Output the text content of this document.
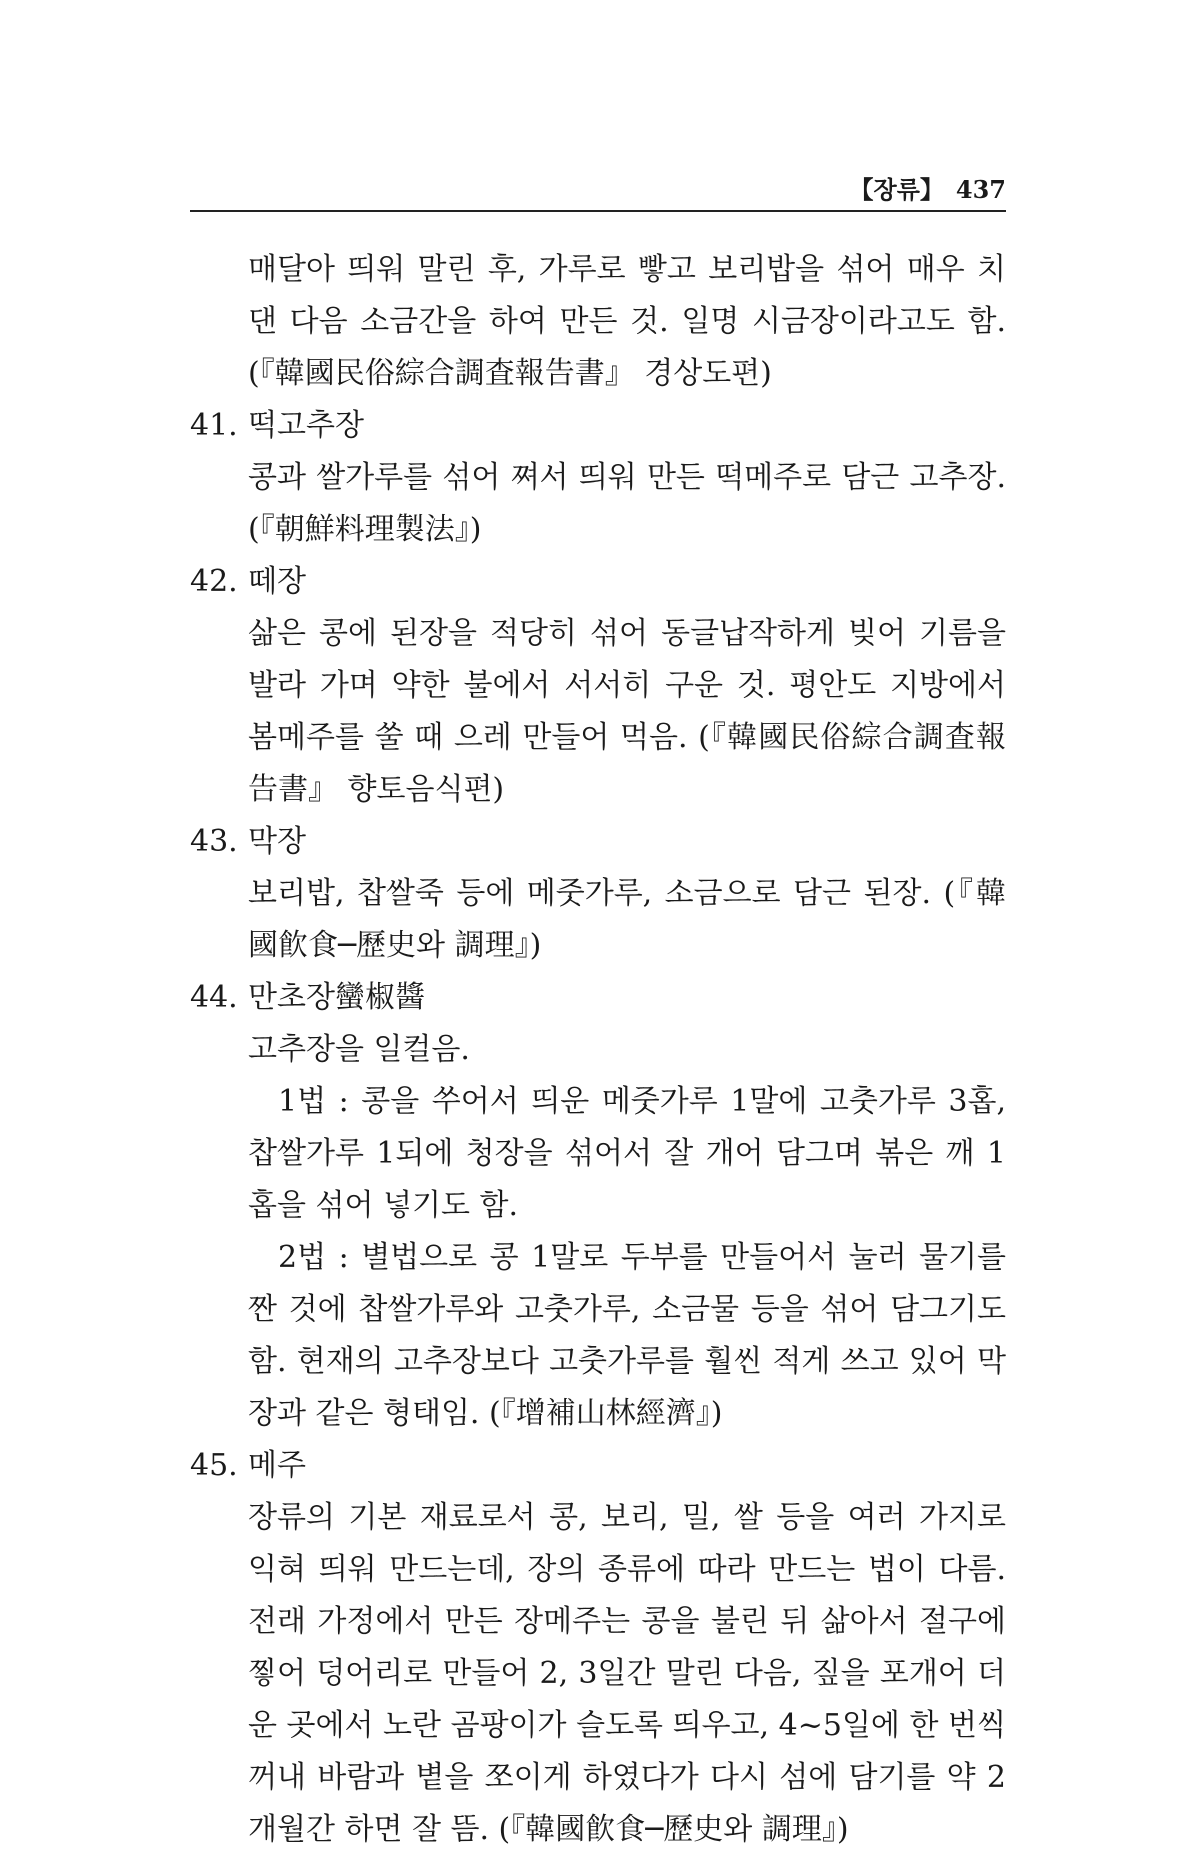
【장류】 437
매달아 띄워 말린 후, 가루로 빻고 보리밥을 섞어 매우 치댄 다음 소금간을 하여 만든 것. 일명 시금장이라고도 함. (『韓國民俗綜合調査報告書』 경상도편)
41. 떡고추장
콩과 쌀가루를 섞어 쪄서 띄워 만든 떡메주로 담근 고추장. (『朝鮮料理製法』)
42. 떼장
삶은 콩에 된장을 적당히 섞어 동글납작하게 빚어 기름을 발라 가며 약한 불에서 서서히 구운 것. 평안도 지방에서 봄메주를 쑬 때 으레 만들어 먹음. (『韓國民俗綜合調査報告書』 향토음식편)
43. 막장
보리밥, 찹쌀죽 등에 메줏가루, 소금으로 담근 된장. (『韓國飮食─歷史와 調理』)
44. 만초장蠻椒醬
고추장을 일컬음.
1법 : 콩을 쑤어서 띄운 메줏가루 1말에 고춧가루 3홉, 찹쌀가루 1되에 청장을 섞어서 잘 개어 담그며 볶은 깨 1홉을 섞어 넣기도 함.
2법 : 별법으로 콩 1말로 두부를 만들어서 눌러 물기를 짠 것에 찹쌀가루와 고춧가루, 소금물 등을 섞어 담그기도 함. 현재의 고추장보다 고춧가루를 훨씬 적게 쓰고 있어 막장과 같은 형태임. (『增補山林經濟』)
45. 메주
장류의 기본 재료로서 콩, 보리, 밀, 쌀 등을 여러 가지로 익혀 띄워 만드는데, 장의 종류에 따라 만드는 법이 다름. 전래 가정에서 만든 장메주는 콩을 불린 뒤 삶아서 절구에 찧어 덩어리로 만들어 2, 3일간 말린 다음, 짚을 포개어 더운 곳에서 노란 곰팡이가 슬도록 띄우고, 4~5일에 한 번씩 꺼내 바람과 볕을 쪼이게 하였다가 다시 섬에 담기를 약 2개월간 하면 잘 뜸. (『韓國飮食─歷史와 調理』)
